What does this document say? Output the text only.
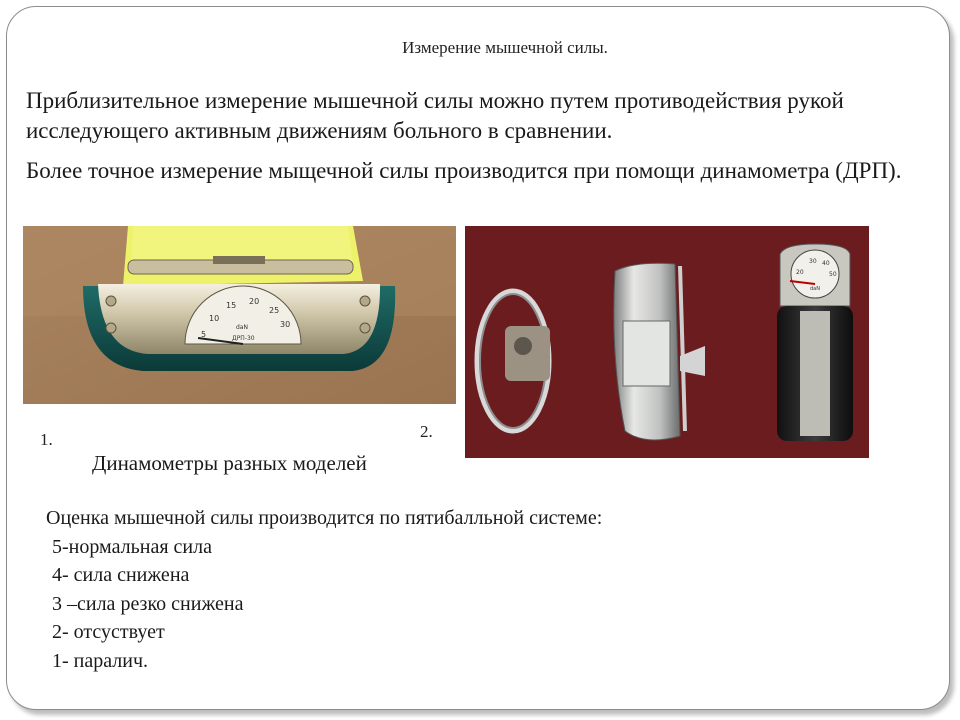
Измерение мышечной силы.
Приблизительное измерение мышечной силы можно путем противодействия рукой исследующего активным движениям больного в сравнении.
Более точное измерение мыщечной силы производится при помощи динамометра (ДРП).
5
10
15 20
25
30
daN
ДРП-30
20
30 40
50
daN
1.	2.
Динамометры разных моделей
Оценка мышечной силы производится по пятибалльной системе:
5-нормальная сила
4- сила снижена
3 –сила резко снижена
2- отсуствует
1- паралич.
